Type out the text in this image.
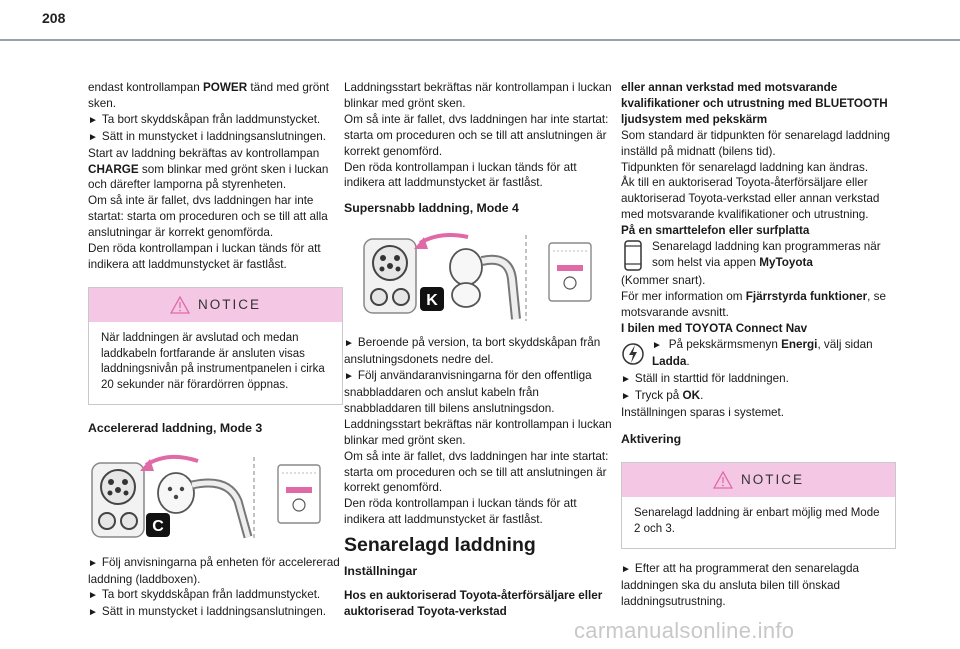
208

endast kontrollampan POWER tänd med grönt sken.

► Ta bort skyddskåpan från laddmunstycket.

► Sätt in munstycket i laddningsanslutningen.

Start av laddning bekräftas av kontrollampan CHARGE som blinkar med grönt sken i luckan och därefter lamporna på styrenheten.

Om så inte är fallet, dvs laddningen har inte startat: starta om proceduren och se till att alla anslutningar är korrekt genomförda.

Den röda kontrollampan i luckan tänds för att indikera att laddmunstycket är fastlåst.

NOTICE
När laddningen är avslutad och medan laddkabeln fortfarande är ansluten visas laddningsnivån på instrumentpanelen i cirka 20 sekunder när förardörren öppnas.
Accelererad laddning, Mode 3
C

► Följ anvisningarna på enheten för accelererad laddning (laddboxen).

► Ta bort skyddskåpan från laddmunstycket.

► Sätt in munstycket i laddningsanslutningen.

Laddningsstart bekräftas när kontrollampan i luckan blinkar med grönt sken.

Om så inte är fallet, dvs laddningen har inte startat: starta om proceduren och se till att anslutningen är korrekt genomförd.

Den röda kontrollampan i luckan tänds för att indikera att laddmunstycket är fastlåst.

Supersnabb laddning, Mode 4
K

► Beroende på version, ta bort skyddskåpan från anslutningsdonets nedre del.

► Följ användaranvisningarna för den offentliga snabbladdaren och anslut kabeln från snabbladdaren till bilens anslutningsdon.

Laddningsstart bekräftas när kontrollampan i luckan blinkar med grönt sken.

Om så inte är fallet, dvs laddningen har inte startat: starta om proceduren och se till att anslutningen är korrekt genomförd.

Den röda kontrollampan i luckan tänds för att indikera att laddmunstycket är fastlåst.

Senarelagd laddning
Inställningar

Hos en auktoriserad Toyota-återförsäljare eller auktoriserad Toyota-verkstad

eller annan verkstad med motsvarande kvalifikationer och utrustning med BLUETOOTH ljudsystem med pekskärm

Som standard är tidpunkten för senarelagd laddning inställd på midnatt (bilens tid).

Tidpunkten för senarelagd laddning kan ändras.

Åk till en auktoriserad Toyota-återförsäljare eller auktoriserad Toyota-verkstad eller annan verkstad med motsvarande kvalifikationer och utrustning.

På en smarttelefon eller surfplatta

Senarelagd laddning kan programmeras när som helst via appen MyToyota

(Kommer snart).

För mer information om Fjärrstyrda funktioner, se motsvarande avsnitt.

I bilen med TOYOTA Connect Nav

► På pekskärmsmenyn Energi, välj sidan Ladda.

► Ställ in starttid för laddningen.

► Tryck på OK.

Inställningen sparas i systemet.

Aktivering
NOTICE
Senarelagd laddning är enbart möjlig med Mode 2 och 3.

► Efter att ha programmerat den senarelagda laddningen ska du ansluta bilen till önskad laddningsutrustning.

carmanualsonline.info
